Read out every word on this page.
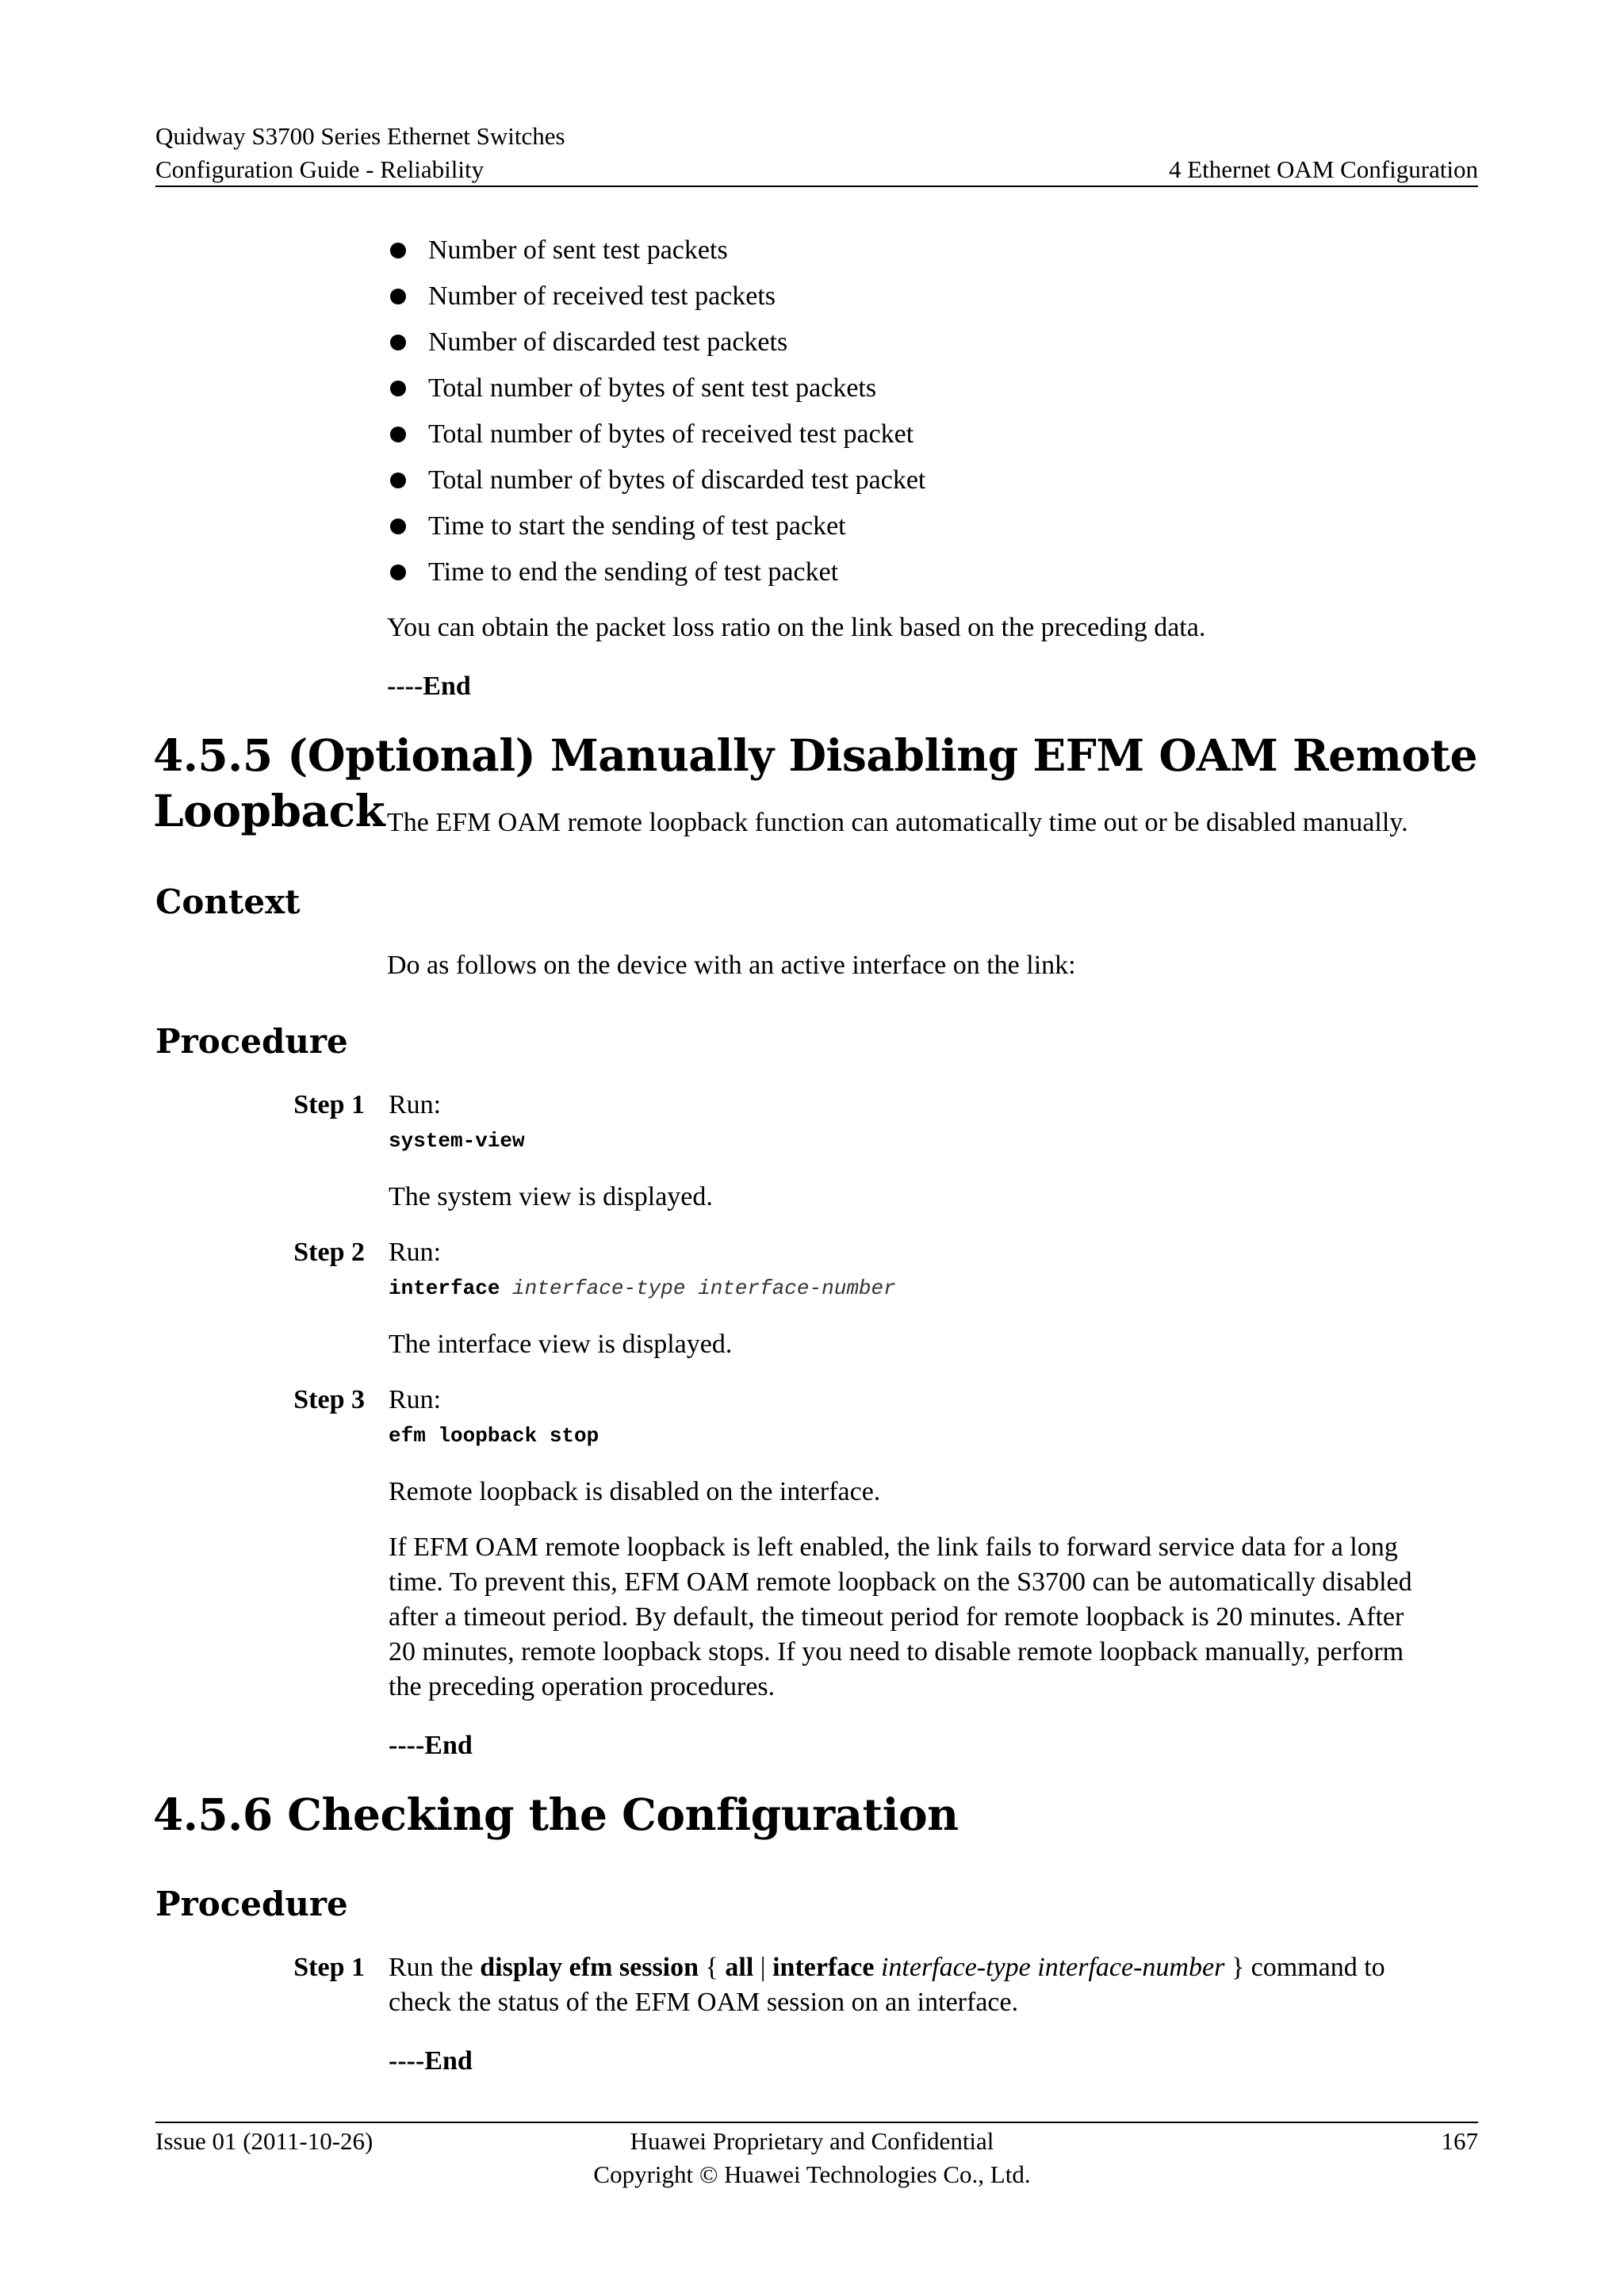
Quidway S3700 Series Ethernet Switches
Configuration Guide - Reliability	4 Ethernet OAM Configuration
Number of sent test packets
Number of received test packets
Number of discarded test packets
Total number of bytes of sent test packets
Total number of bytes of received test packet
Total number of bytes of discarded test packet
Time to start the sending of test packet
Time to end the sending of test packet
You can obtain the packet loss ratio on the link based on the preceding data.
----End
4.5.5 (Optional) Manually Disabling EFM OAM Remote Loopback The EFM OAM remote loopback function can automatically time out or be disabled manually.
Context
Do as follows on the device with an active interface on the link:
Procedure
Step 1 Run:
system-view
The system view is displayed.
Step 2 Run:
interface interface-type interface-number
The interface view is displayed.
Step 3 Run:
efm loopback stop
Remote loopback is disabled on the interface.
If EFM OAM remote loopback is left enabled, the link fails to forward service data for a long
time. To prevent this, EFM OAM remote loopback on the S3700 can be automatically disabled
after a timeout period. By default, the timeout period for remote loopback is 20 minutes. After
20 minutes, remote loopback stops. If you need to disable remote loopback manually, perform
the preceding operation procedures.
----End
4.5.6 Checking the Configuration
Procedure
Step 1 Run the display efm session { all | interface interface-type interface-number } command to
check the status of the EFM OAM session on an interface.
----End
Issue 01 (2011-10-26)	Huawei Proprietary and Confidential
Copyright © Huawei Technologies Co., Ltd.
167
